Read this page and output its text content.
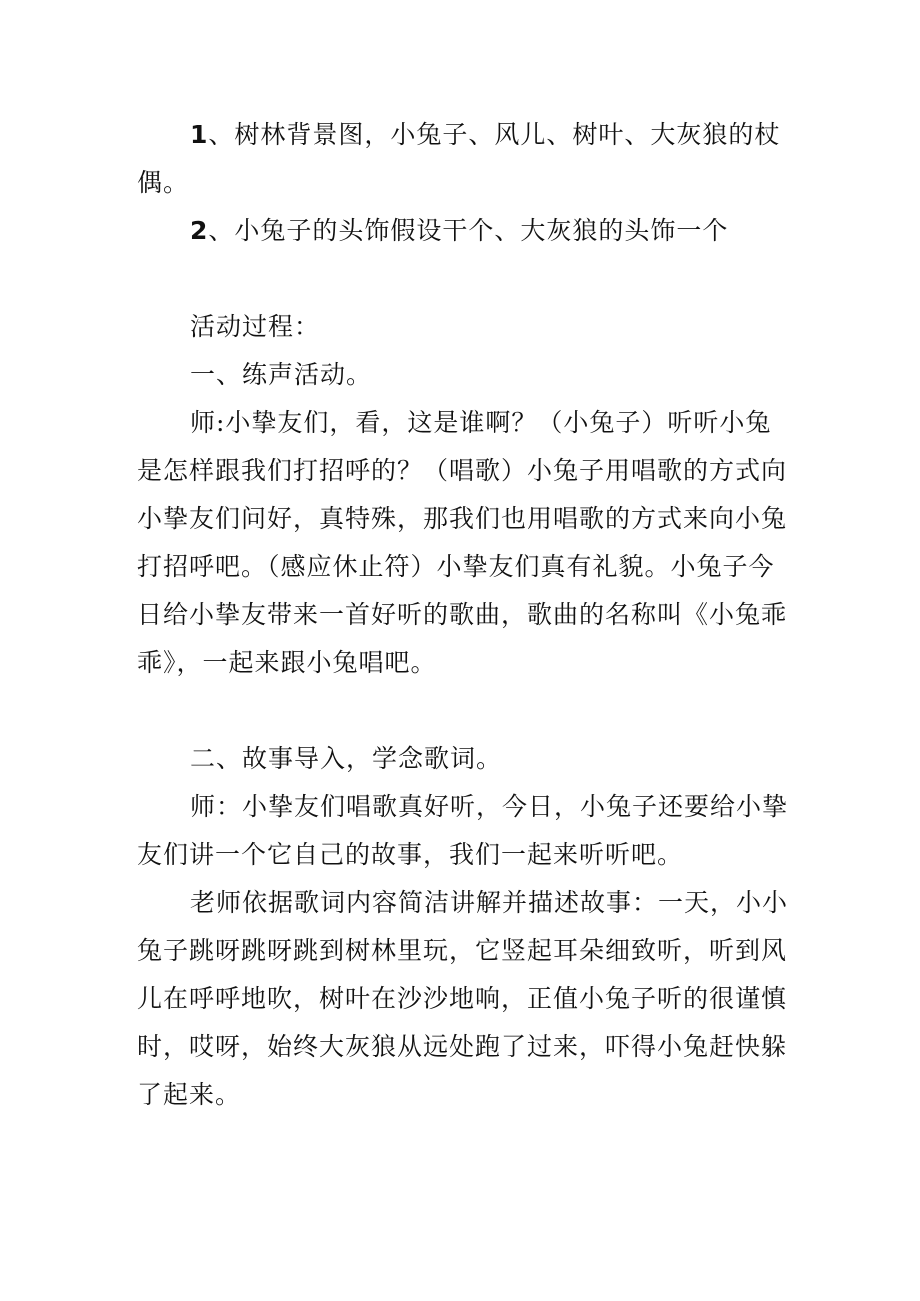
1、树林背景图，小兔子、风儿、树叶、大灰狼的杖
偶。
2、小兔子的头饰假设干个、大灰狼的头饰一个
活动过程：
一、练声活动。
师:小挚友们，看，这是谁啊？（小兔子）听听小兔
是怎样跟我们打招呼的？（唱歌）小兔子用唱歌的方式向
小挚友们问好，真特殊，那我们也用唱歌的方式来向小兔
打招呼吧。（感应休止符）小挚友们真有礼貌。小兔子今
日给小挚友带来一首好听的歌曲，歌曲的名称叫《小兔乖
乖》，一起来跟小兔唱吧。
二、故事导入，学念歌词。
师：小挚友们唱歌真好听，今日，小兔子还要给小挚
友们讲一个它自己的故事，我们一起来听听吧。
老师依据歌词内容简洁讲解并描述故事：一天，小小
兔子跳呀跳呀跳到树林里玩，它竖起耳朵细致听，听到风
儿在呼呼地吹，树叶在沙沙地响，正值小兔子听的很谨慎
时，哎呀，始终大灰狼从远处跑了过来，吓得小兔赶快躲
了起来。
